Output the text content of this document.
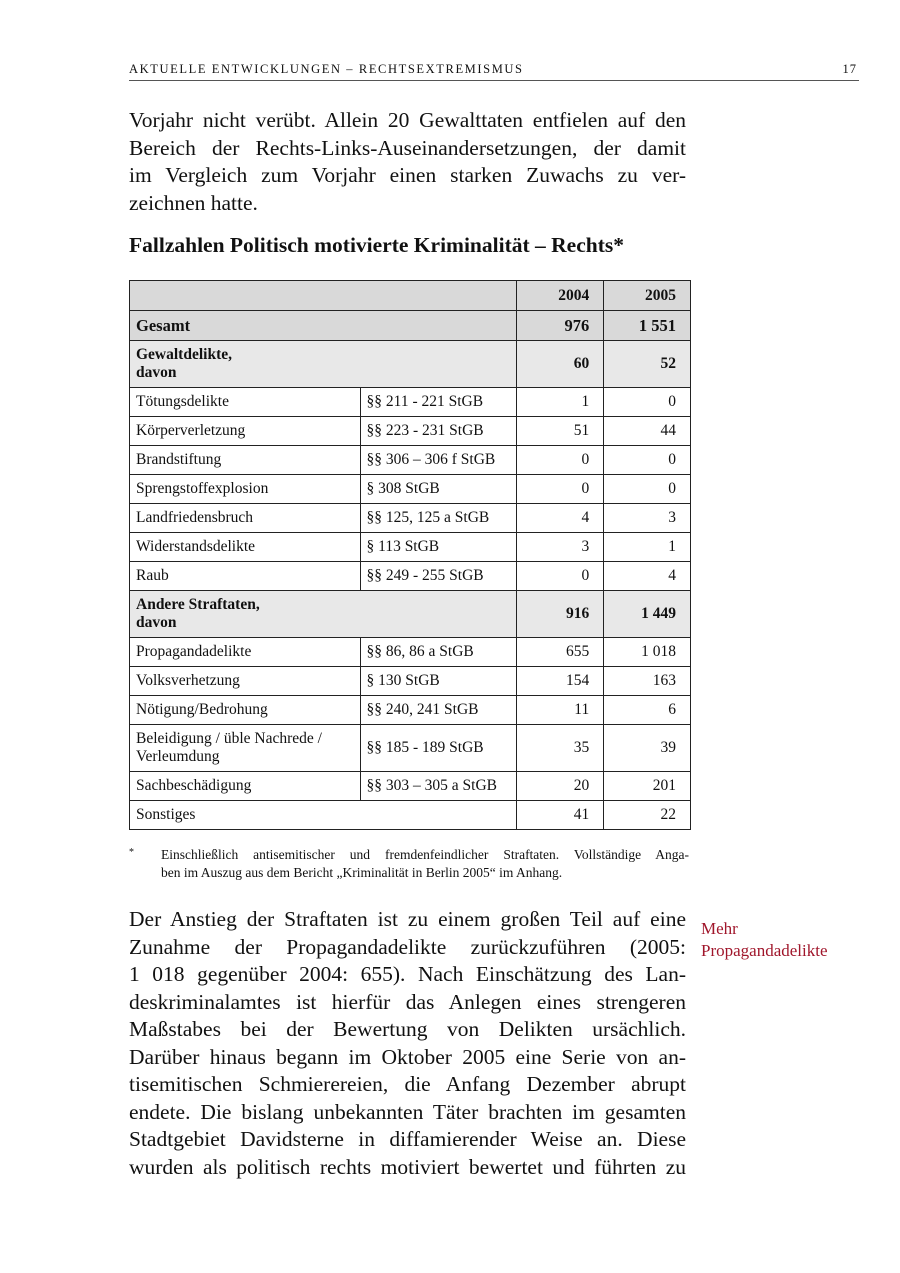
AKTUELLE ENTWICKLUNGEN – RECHTSEXTREMISMUS	17
Vorjahr nicht verübt. Allein 20 Gewalttaten entfielen auf den
Bereich der Rechts-Links-Auseinandersetzungen, der damit
im Vergleich zum Vorjahr einen starken Zuwachs zu ver-
zeichnen hatte.
Fallzahlen Politisch motivierte Kriminalität – Rechts*
		2004	2005
Gesamt		976	1 551

Gewaltdelikte,
davon		60	52
Tötungsdelikte	§§ 211 - 221 StGB	1	0
Körperverletzung	§§ 223 - 231 StGB	51	44
Brandstiftung	§§ 306 – 306 f StGB	0	0
Sprengstoffexplosion	§ 308 StGB	0	0
Landfriedensbruch	§§ 125, 125 a StGB	4	3
Widerstandsdelikte	§ 113 StGB	3	1
Raub	§§ 249 - 255 StGB	0	4

Andere Straftaten,
davon		916	1 449
Propagandadelikte	§§ 86, 86 a StGB	655	1 018
Volksverhetzung	§ 130 StGB	154	163
Nötigung/Bedrohung	§§ 240, 241 StGB	11	6

Beleidigung / üble Nachrede /
Verleumdung	§§ 185 - 189 StGB	35	39
Sachbeschädigung	§§ 303 – 305 a StGB	20	201
Sonstiges		41	22
* Einschließlich antisemitischer und fremdenfeindlicher Straftaten. Vollständige Anga-
ben im Auszug aus dem Bericht „Kriminalität in Berlin 2005“ im Anhang.
Der Anstieg der Straftaten ist zu einem großen Teil auf eine
Zunahme der Propagandadelikte zurückzuführen (2005:
1 018 gegenüber 2004: 655). Nach Einschätzung des Lan-
deskriminalamtes ist hierfür das Anlegen eines strengeren
Maßstabes bei der Bewertung von Delikten ursächlich.
Darüber hinaus begann im Oktober 2005 eine Serie von an-
tisemitischen Schmierereien, die Anfang Dezember abrupt
endete. Die bislang unbekannten Täter brachten im gesamten
Stadtgebiet Davidsterne in diffamierender Weise an. Diese
wurden als politisch rechts motiviert bewertet und führten zu
Mehr
Propagandadelikte
